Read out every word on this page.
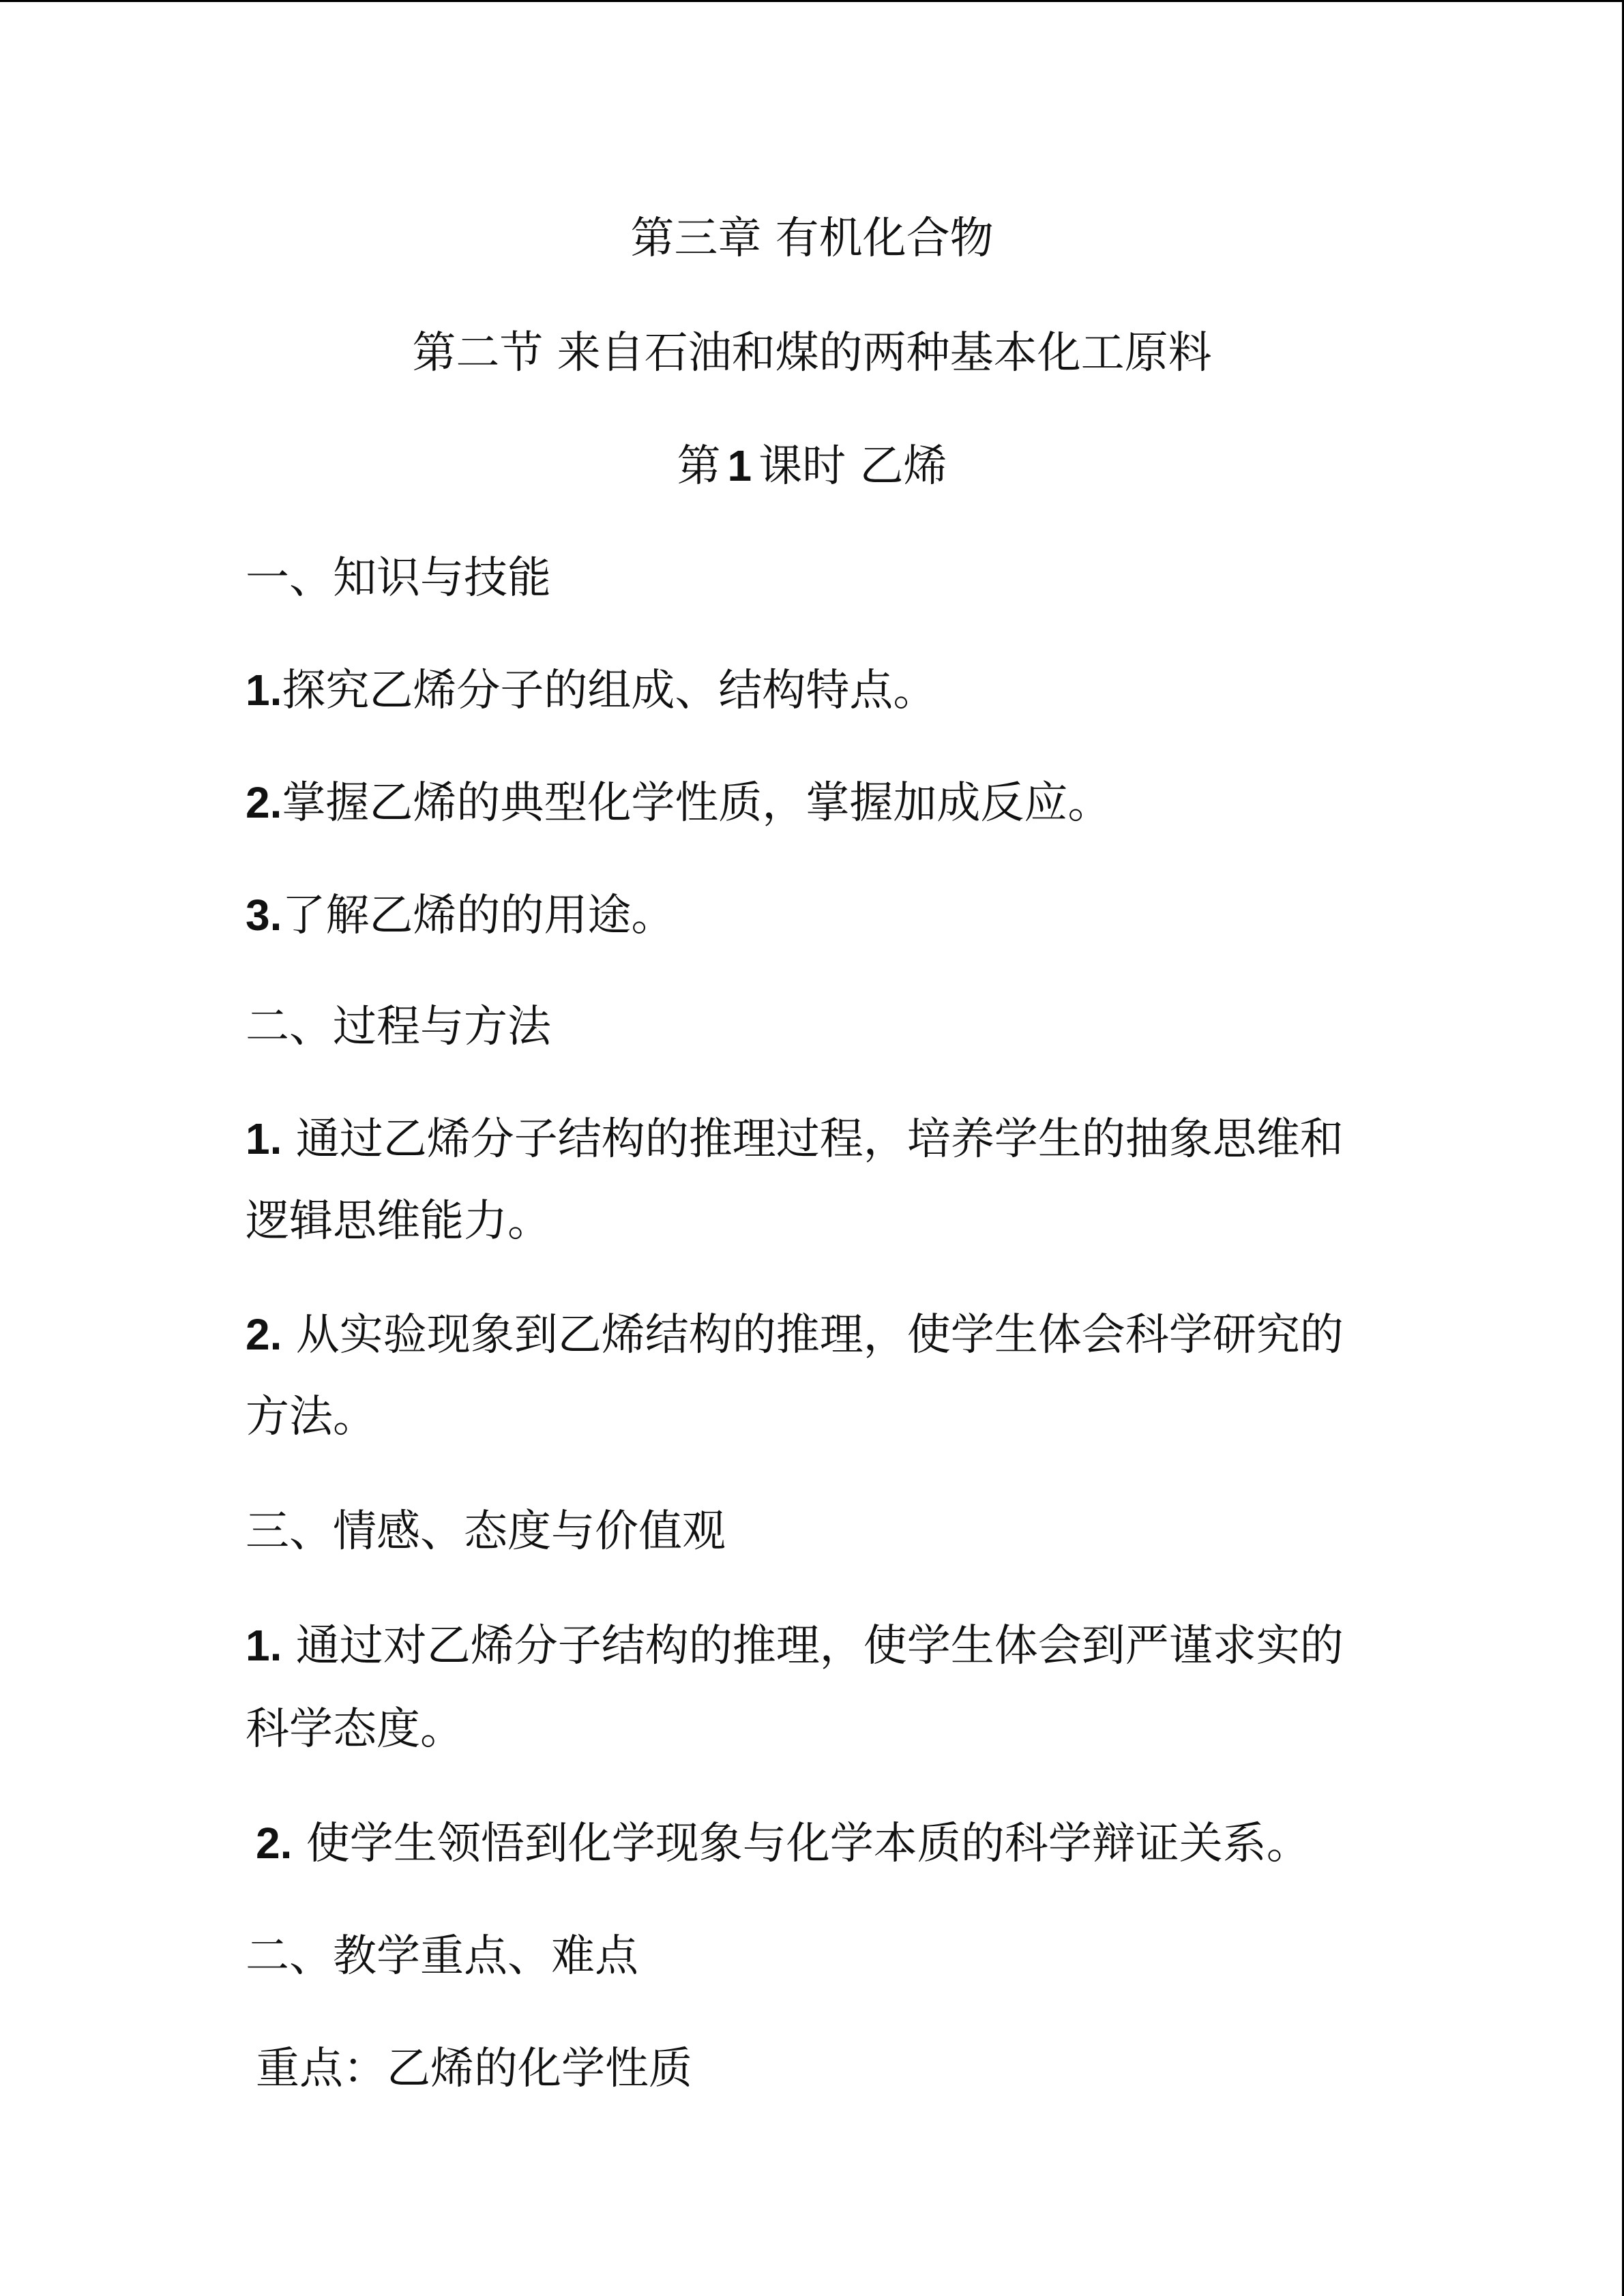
第三章 有机化合物
第二节 来自石油和煤的两种基本化工原料
第 1 课时 乙烯
一、知识与技能
1.探究乙烯分子的组成、结构特点。
2.掌握乙烯的典型化学性质，掌握加成反应。
3.了解乙烯的的用途。
二、过程与方法
1. 通过乙烯分子结构的推理过程，培养学生的抽象思维和
逻辑思维能力。
2. 从实验现象到乙烯结构的推理，使学生体会科学研究的
方法。
三、情感、态度与价值观
1. 通过对乙烯分子结构的推理，使学生体会到严谨求实的
科学态度。
2. 使学生领悟到化学现象与化学本质的科学辩证关系。
二、教学重点、难点
重点：乙烯的化学性质
